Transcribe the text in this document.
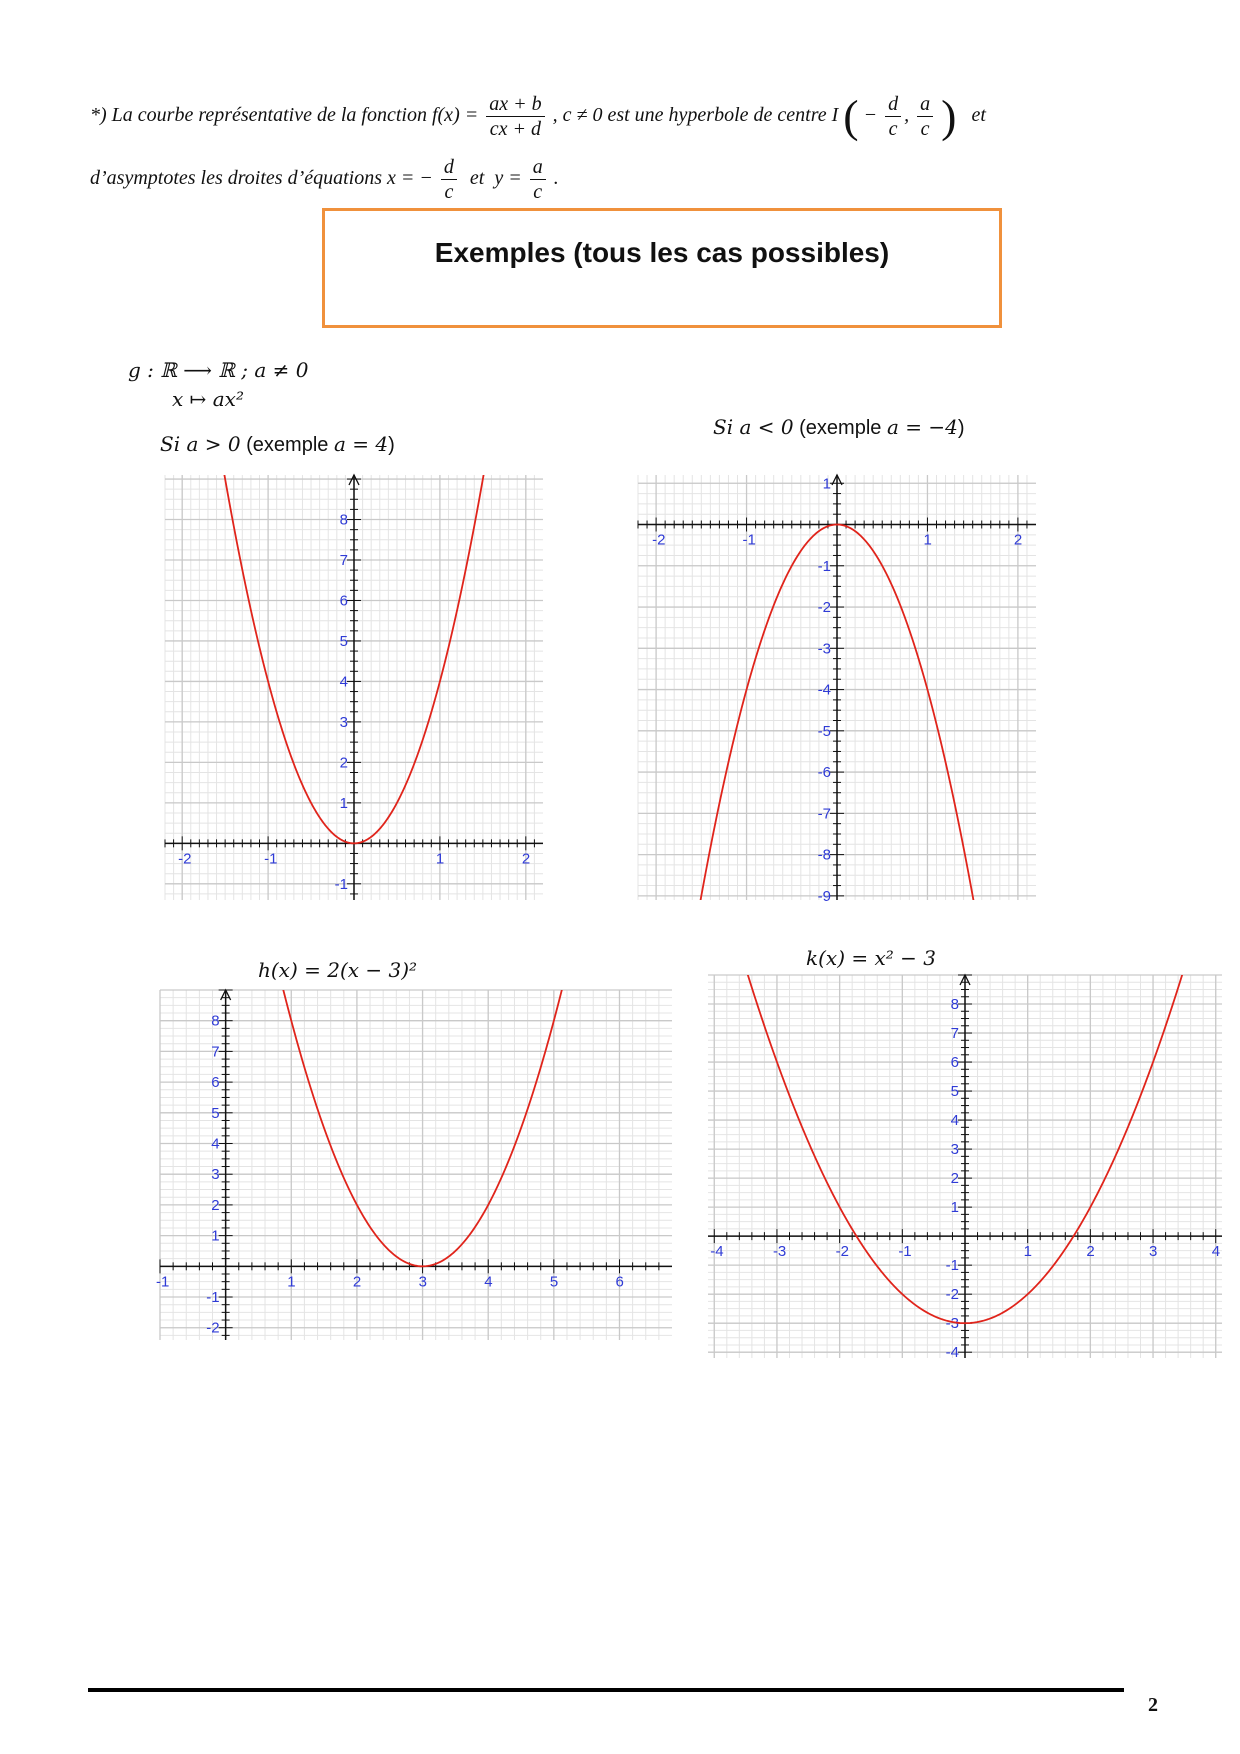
*) La courbe représentative de la fonction $f(x) = \frac{ax + b}{cx + d}$ , c ≠ 0 est une hyperbole de centre I ( − $\frac{d}{c}$ , $\frac{a}{c}$ ) et
d’asymptotes les droites d’équations x = − $\frac{d}{c}$ et $y = \frac{a}{c}$ .
Exemples (tous les cas possibles)
g : ℝ ⟶ ℝ ; a ≠ 0
x ↦ ax²
Si a > 0 (exemple a = 4)
Si a < 0 (exemple a = −4)
h(x) = 2(x − 3)²	k(x) = x² − 3
-2	-1	1	2
-1
1
2
3
4
5
6
7
8
-2	-1	1	2
1
-1
-2
-3
-4
-5
-6
-7
-8
-9
-1	1	2	3	4	5	6
-2
-1
1
2
3
4
5
6
7
8
-4	-3	-2	-1	1	2	3	4
-4
-3
-2
-1
1
2
3
4
5
6
7
8
2
